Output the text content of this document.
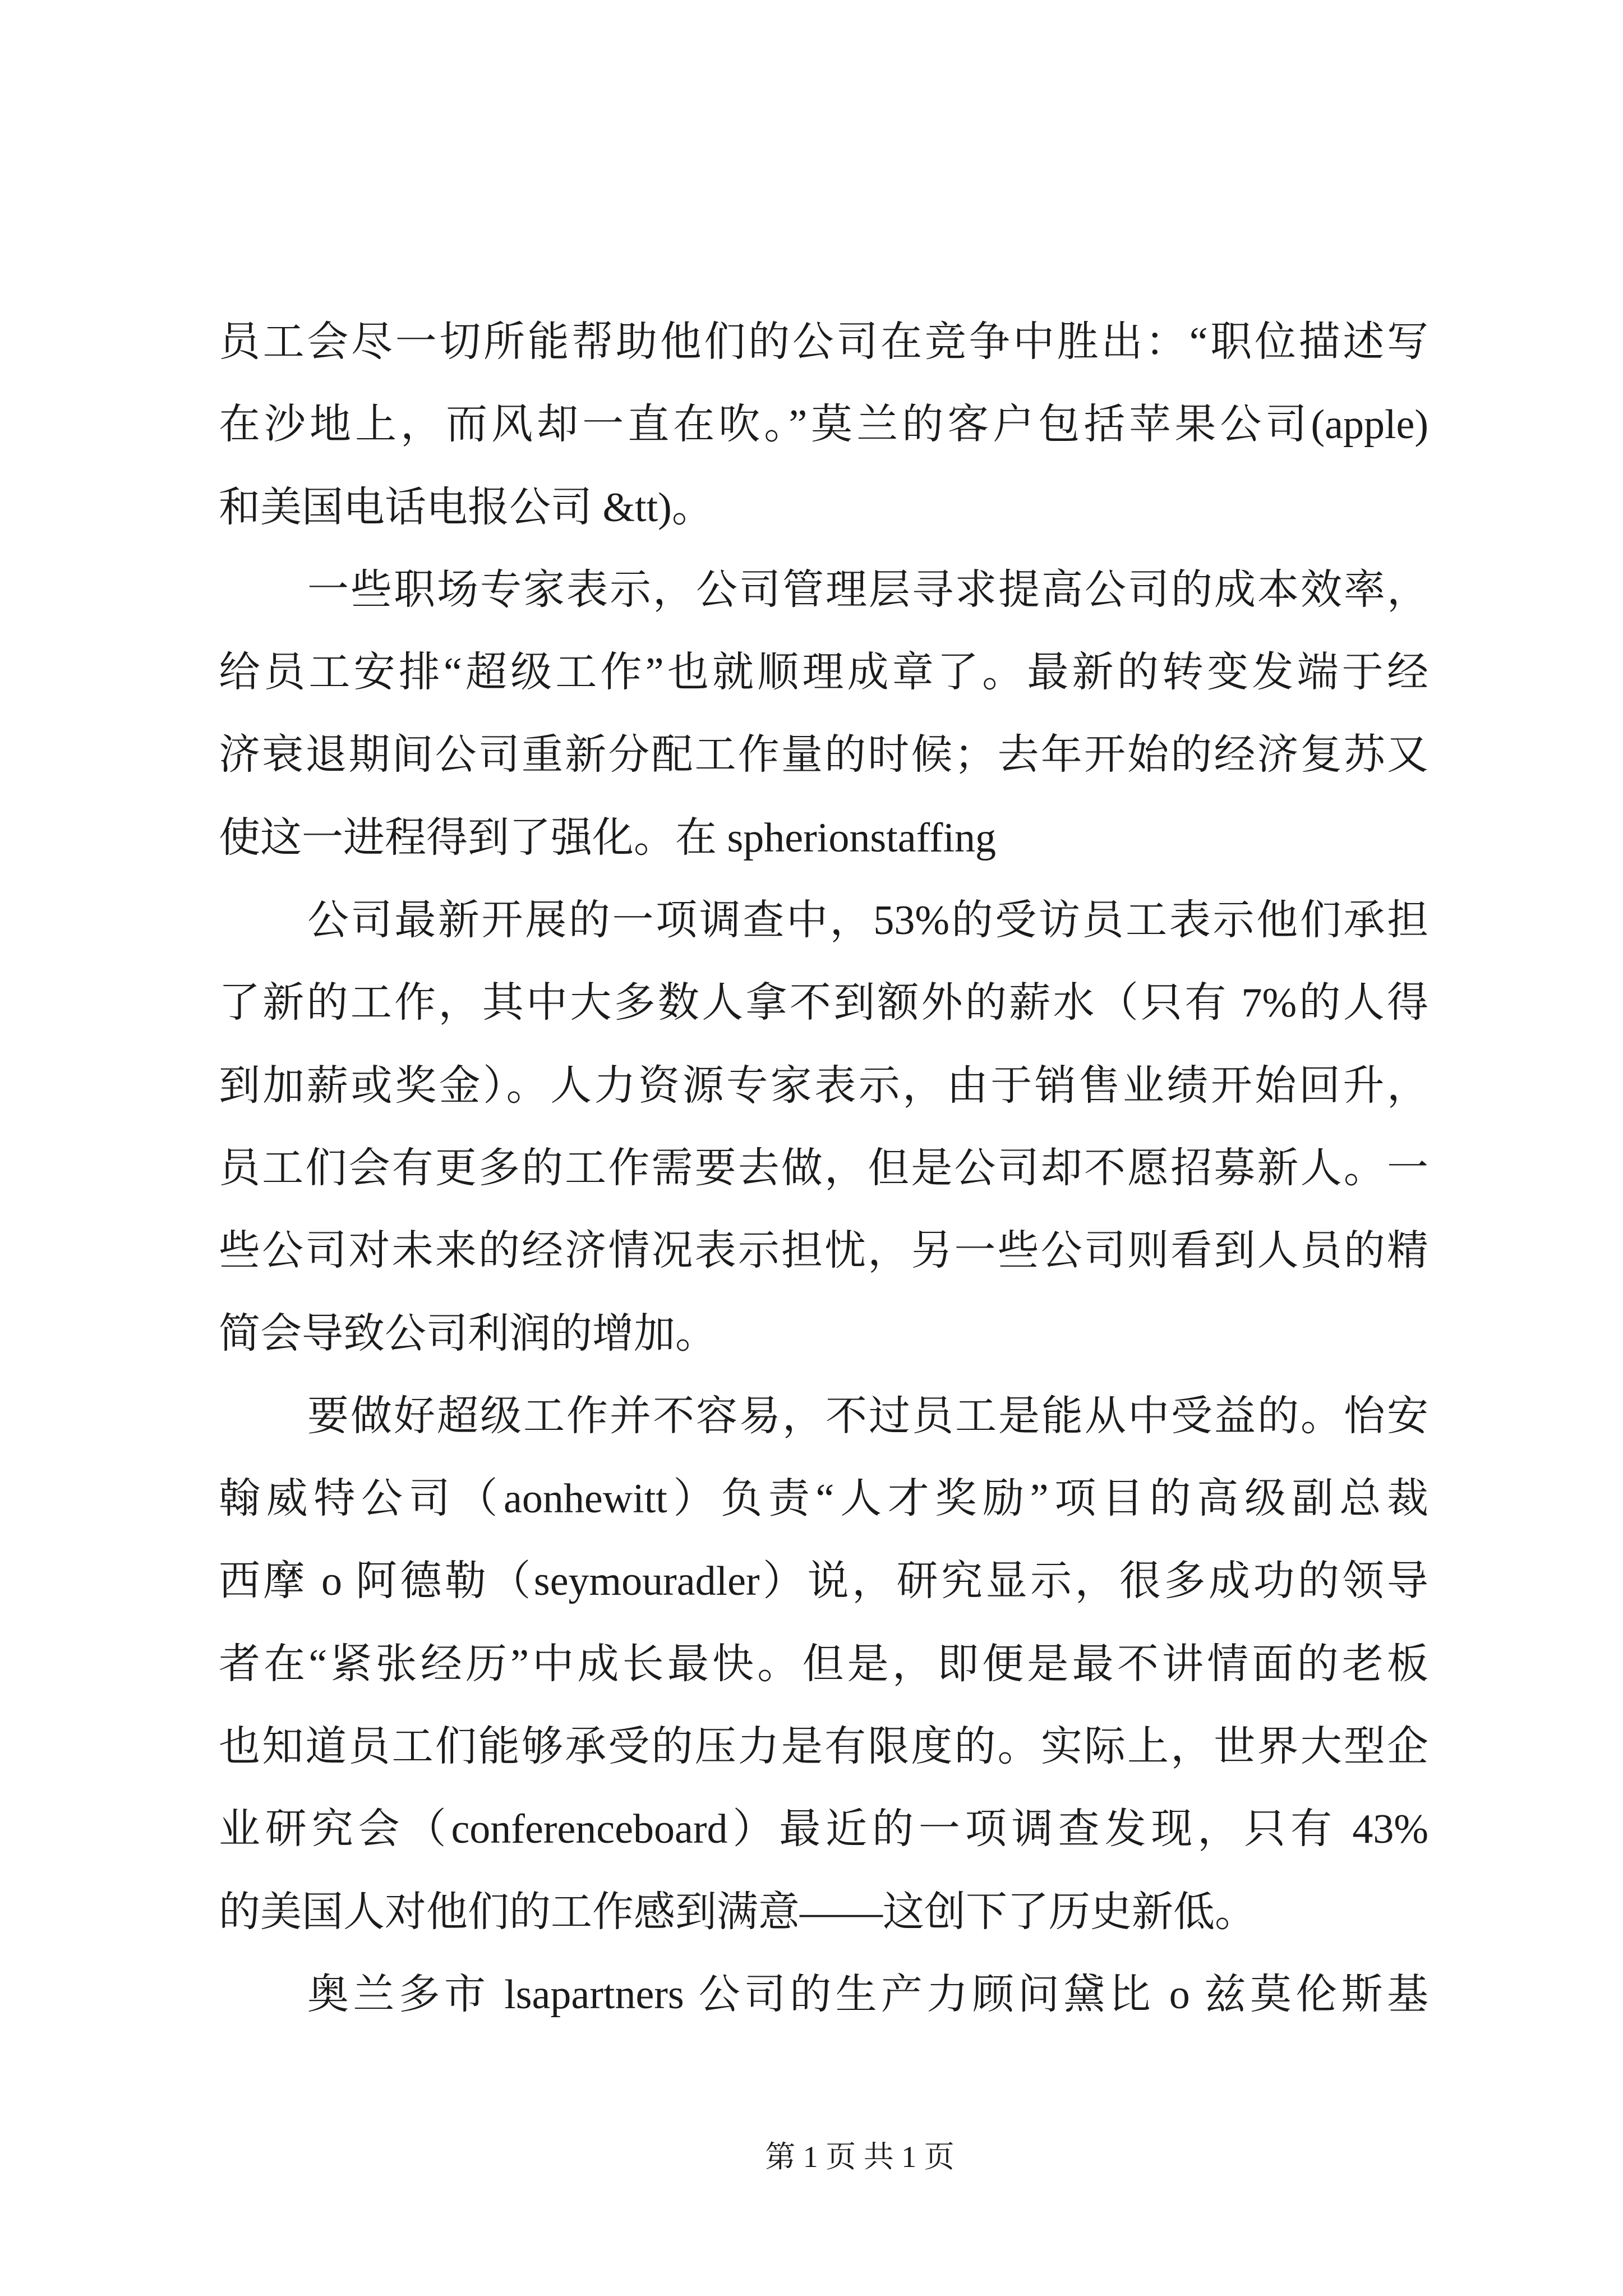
员工会尽一切所能帮助他们的公司在竞争中胜出：“职位描述写
在沙地上，而风却一直在吹。”莫兰的客户包括苹果公司(apple)
和美国电话电报公司 &tt)。
一些职场专家表示，公司管理层寻求提高公司的成本效率，
给员工安排“超级工作”也就顺理成章了。最新的转变发端于经
济衰退期间公司重新分配工作量的时候；去年开始的经济复苏又
使这一进程得到了强化。在 spherionstaffing
公司最新开展的一项调查中，53%的受访员工表示他们承担
了新的工作，其中大多数人拿不到额外的薪水（只有 7%的人得
到加薪或奖金）。人力资源专家表示，由于销售业绩开始回升，
员工们会有更多的工作需要去做，但是公司却不愿招募新人。一
些公司对未来的经济情况表示担忧，另一些公司则看到人员的精
简会导致公司利润的增加。
要做好超级工作并不容易，不过员工是能从中受益的。怡安
翰威特公司（aonhewitt）负责“人才奖励”项目的高级副总裁
西摩 o 阿德勒（seymouradler）说，研究显示，很多成功的领导
者在“紧张经历”中成长最快。但是，即便是最不讲情面的老板
也知道员工们能够承受的压力是有限度的。实际上，世界大型企
业研究会（conferenceboard）最近的一项调查发现，只有 43%
的美国人对他们的工作感到满意——这创下了历史新低。
奥兰多市 lsapartners 公司的生产力顾问黛比 o 兹莫伦斯基
第 1 页 共 1 页
